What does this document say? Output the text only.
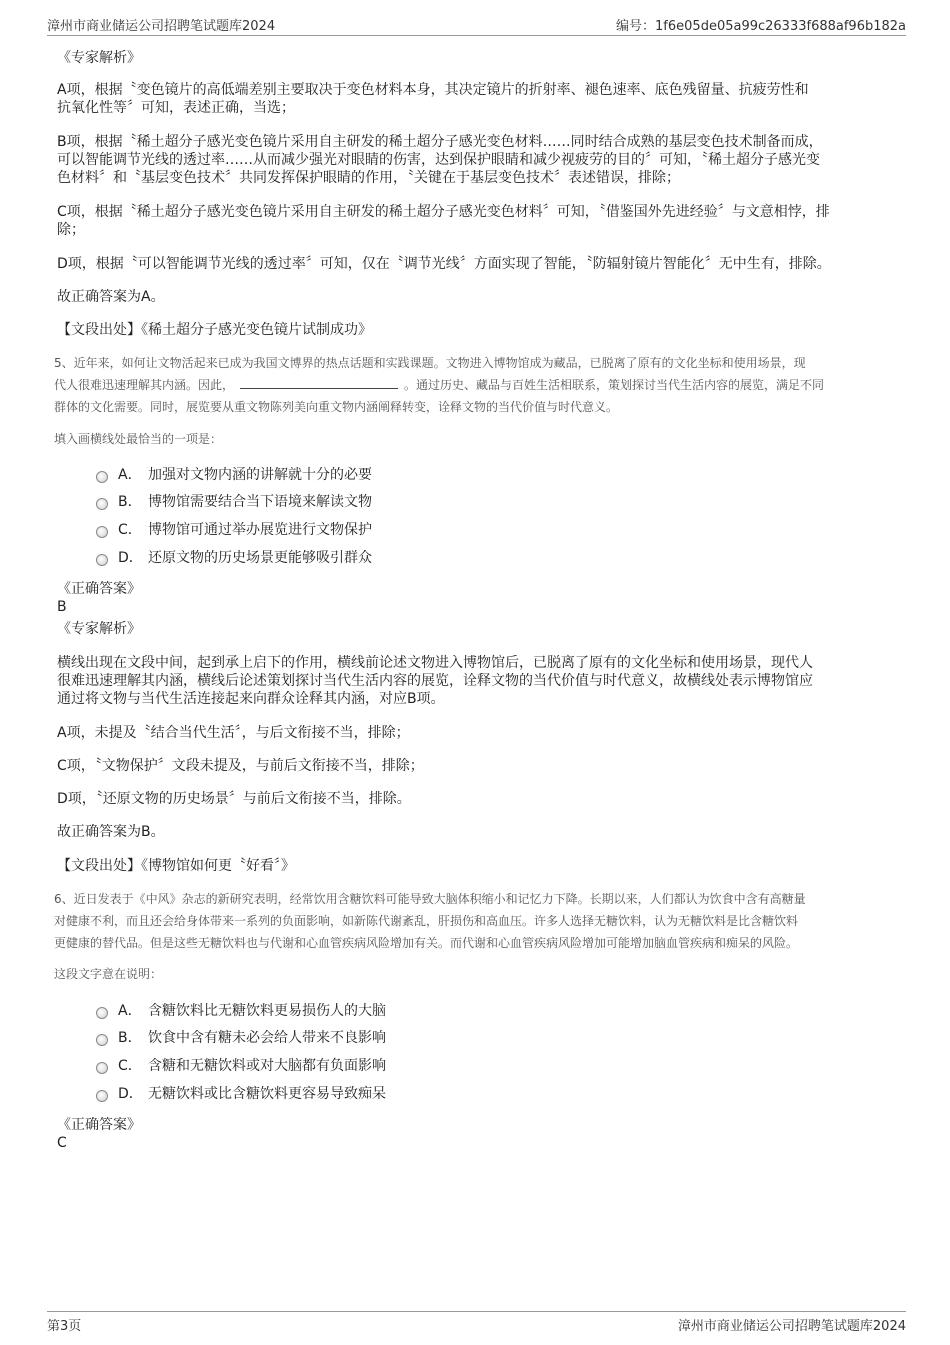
漳州市商业储运公司招聘笔试题库2024	编号：1f6e05de05a99c26333f688af96b182a
《专家解析》
A项，根据〝变色镜片的高低端差别主要取决于变色材料本身，其决定镜片的折射率、褪色速率、底色残留量、抗疲劳性和
抗氧化性等〞可知，表述正确，当选；
B项，根据〝稀土超分子感光变色镜片采用自主研发的稀土超分子感光变色材料……同时结合成熟的基层变色技术制备而成，
可以智能调节光线的透过率……从而减少强光对眼睛的伤害，达到保护眼睛和减少视疲劳的目的〞可知，〝稀土超分子感光变
色材料〞和〝基层变色技术〞共同发挥保护眼睛的作用，〝关键在于基层变色技术〞表述错误，排除；
C项，根据〝稀土超分子感光变色镜片采用自主研发的稀土超分子感光变色材料〞可知，〝借鉴国外先进经验〞与文意相悖，排
除；
D项，根据〝可以智能调节光线的透过率〞可知，仅在〝调节光线〞方面实现了智能，〝防辐射镜片智能化〞无中生有，排除。
故正确答案为A。
【文段出处】《稀土超分子感光变色镜片试制成功》
5、近年来，如何让文物活起来已成为我国文博界的热点话题和实践课题。文物进入博物馆成为藏品，已脱离了原有的文化坐标和使用场景，现
代人很难迅速理解其内涵。因此，	。通过历史、藏品与百姓生活相联系，策划探讨当代生活内容的展览，满足不同
群体的文化需要。同时，展览要从重文物陈列美向重文物内涵阐释转变，诠释文物的当代价值与时代意义。
填入画横线处最恰当的一项是：
A． 加强对文物内涵的讲解就十分的必要
B． 博物馆需要结合当下语境来解读文物
C． 博物馆可通过举办展览进行文物保护
D． 还原文物的历史场景更能够吸引群众
《正确答案》
B
《专家解析》
横线出现在文段中间，起到承上启下的作用，横线前论述文物进入博物馆后，已脱离了原有的文化坐标和使用场景，现代人
很难迅速理解其内涵，横线后论述策划探讨当代生活内容的展览，诠释文物的当代价值与时代意义，故横线处表示博物馆应
通过将文物与当代生活连接起来向群众诠释其内涵，对应B项。
A项，未提及〝结合当代生活〞，与后文衔接不当，排除；
C项，〝文物保护〞文段未提及，与前后文衔接不当，排除；
D项，〝还原文物的历史场景〞与前后文衔接不当，排除。
故正确答案为B。
【文段出处】《博物馆如何更〝好看〞》
6、近日发表于《中风》杂志的新研究表明，经常饮用含糖饮料可能导致大脑体积缩小和记忆力下降。长期以来，人们都认为饮食中含有高糖量
对健康不利，而且还会给身体带来一系列的负面影响，如新陈代谢紊乱，肝损伤和高血压。许多人选择无糖饮料，认为无糖饮料是比含糖饮料
更健康的替代品。但是这些无糖饮料也与代谢和心血管疾病风险增加有关。而代谢和心血管疾病风险增加可能增加脑血管疾病和痴呆的风险。
这段文字意在说明：
A． 含糖饮料比无糖饮料更易损伤人的大脑
B． 饮食中含有糖未必会给人带来不良影响
C． 含糖和无糖饮料或对大脑都有负面影响
D． 无糖饮料或比含糖饮料更容易导致痴呆
《正确答案》
C
第3页	漳州市商业储运公司招聘笔试题库2024
